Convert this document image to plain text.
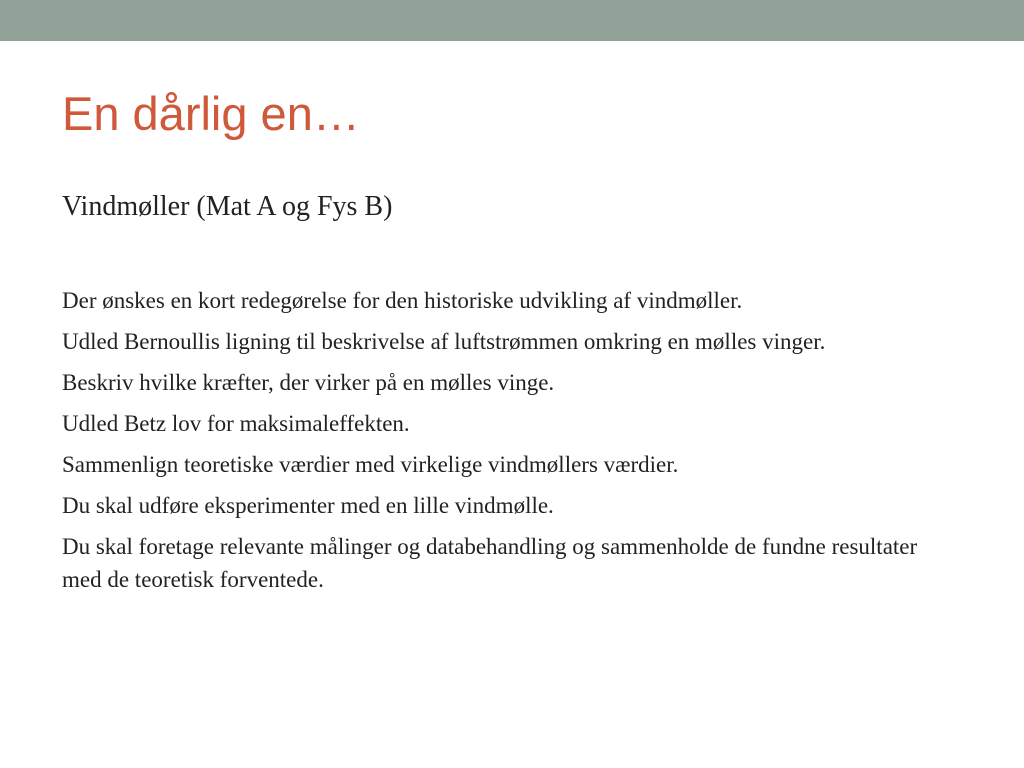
En dårlig en…

Vindmøller (Mat A og Fys B)

Der ønskes en kort redegørelse for den historiske udvikling af vindmøller.
Udled Bernoullis ligning til beskrivelse af luftstrømmen omkring en mølles vinger.
Beskriv hvilke kræfter, der virker på en mølles vinge.
Udled Betz lov for maksimaleffekten.
Sammenlign teoretiske værdier med virkelige vindmøllers værdier.
Du skal udføre eksperimenter med en lille vindmølle.
Du skal foretage relevante målinger og databehandling og sammenholde de fundne resultater med de teoretisk forventede.
